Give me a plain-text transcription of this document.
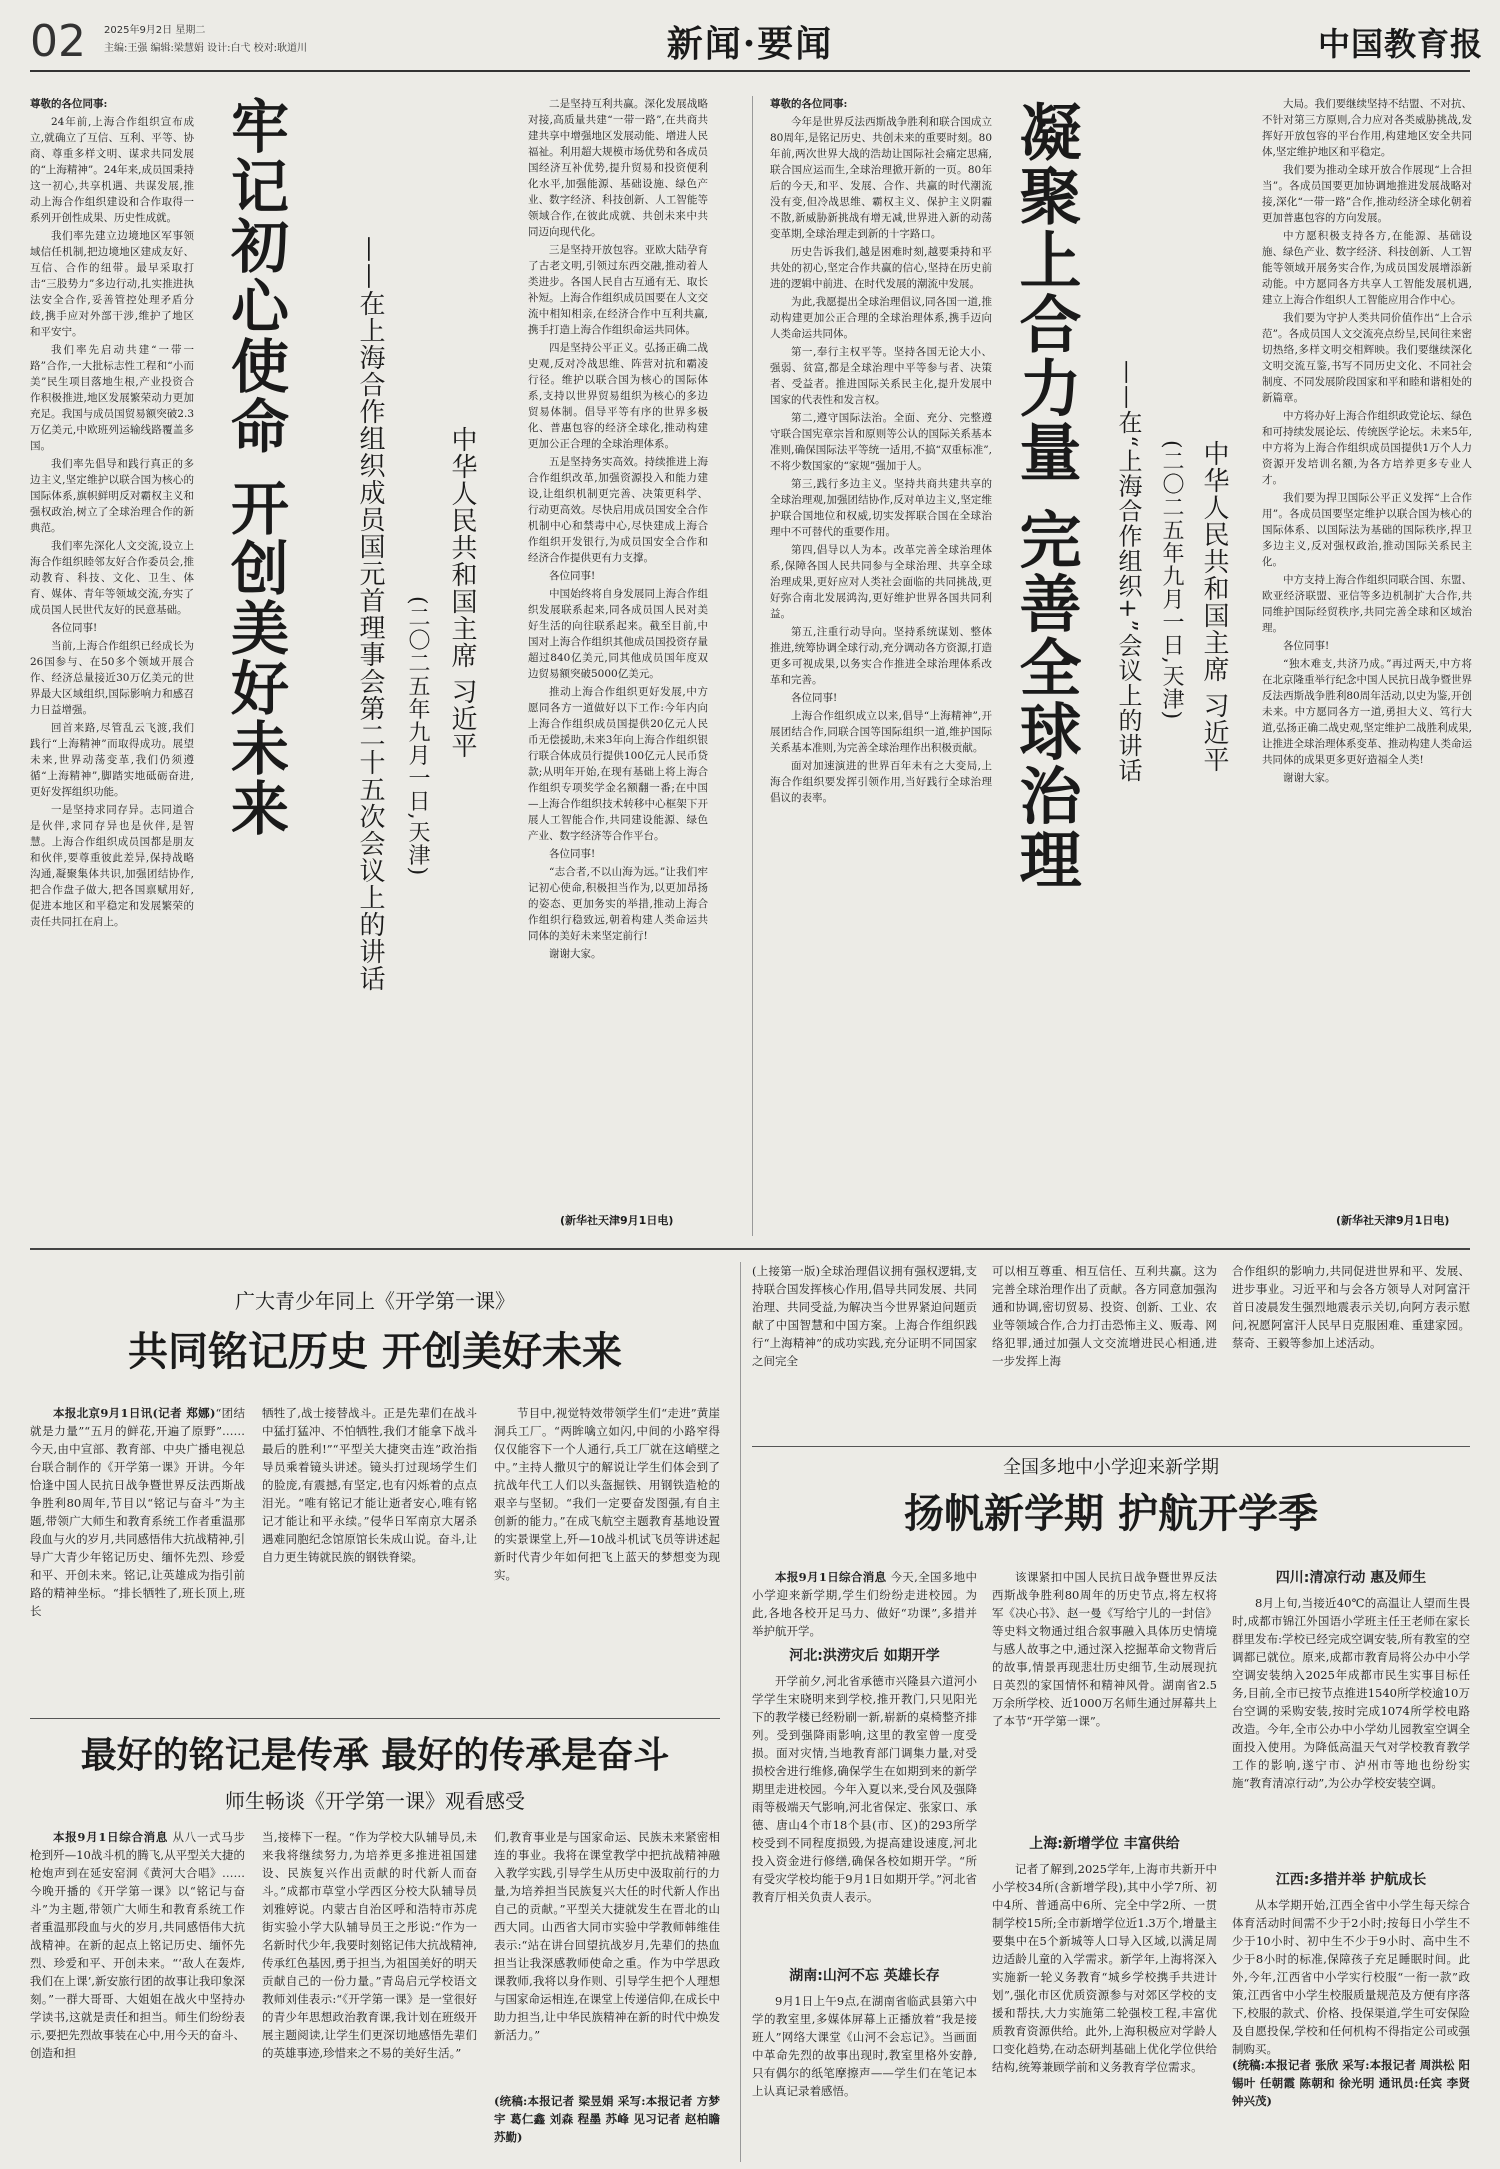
02 2025年9月2日 星期二
主编:王强 编辑:梁慧娟 设计:白弋 校对:耿道川	新闻·要闻	中国教育报

尊敬的各位同事:

24年前,上海合作组织宣布成立,就确立了互信、互利、平等、协商、尊重多样文明、谋求共同发展的“上海精神”。24年来,成员国秉持这一初心,共享机遇、共谋发展,推动上海合作组织建设和合作取得一系列开创性成果、历史性成就。

我们率先建立边境地区军事领域信任机制,把边境地区建成友好、互信、合作的纽带。最早采取打击“三股势力”多边行动,扎实推进执法安全合作,妥善管控处理矛盾分歧,携手应对外部干涉,维护了地区和平安宁。

我们率先启动共建“一带一路”合作,一大批标志性工程和“小而美”民生项目落地生根,产业投资合作积极推进,地区发展繁荣动力更加充足。我国与成员国贸易额突破2.3万亿美元,中欧班列运输线路覆盖多国。

我们率先倡导和践行真正的多边主义,坚定维护以联合国为核心的国际体系,旗帜鲜明反对霸权主义和强权政治,树立了全球治理合作的新典范。

我们率先深化人文交流,设立上海合作组织睦邻友好合作委员会,推动教育、科技、文化、卫生、体育、媒体、青年等领域交流,夯实了成员国人民世代友好的民意基础。

各位同事!

当前,上海合作组织已经成长为26国参与、在50多个领域开展合作、经济总量接近30万亿美元的世界最大区域组织,国际影响力和感召力日益增强。

回首来路,尽管乱云飞渡,我们践行“上海精神”而取得成功。展望未来,世界动荡变革,我们仍须遵循“上海精神”,脚踏实地砥砺奋进,更好发挥组织功能。

一是坚持求同存异。志同道合是伙伴,求同存异也是伙伴,是智慧。上海合作组织成员国都是朋友和伙伴,要尊重彼此差异,保持战略沟通,凝聚集体共识,加强团结协作,把合作盘子做大,把各国禀赋用好,促进本地区和平稳定和发展繁荣的责任共同扛在肩上。

牢记初心使命 开创美好未来	——在上海合作组织成员国元首理事会第二十五次会议上的讲话 中华人民共和国主席 习近平
(二〇二五年九月一日,天津)

二是坚持互利共赢。深化发展战略对接,高质量共建“一带一路”,在共商共建共享中增强地区发展动能、增进人民福祉。利用超大规模市场优势和各成员国经济互补优势,提升贸易和投资便利化水平,加强能源、基础设施、绿色产业、数字经济、科技创新、人工智能等领域合作,在彼此成就、共创未来中共同迈向现代化。

三是坚持开放包容。亚欧大陆孕育了古老文明,引领过东西交融,推动着人类进步。各国人民自古互通有无、取长补短。上海合作组织成员国要在人文交流中相知相亲,在经济合作中互利共赢,携手打造上海合作组织命运共同体。

四是坚持公平正义。弘扬正确二战史观,反对冷战思维、阵营对抗和霸凌行径。维护以联合国为核心的国际体系,支持以世界贸易组织为核心的多边贸易体制。倡导平等有序的世界多极化、普惠包容的经济全球化,推动构建更加公正合理的全球治理体系。

五是坚持务实高效。持续推进上海合作组织改革,加强资源投入和能力建设,让组织机制更完善、决策更科学、行动更高效。尽快启用成员国安全合作机制中心和禁毒中心,尽快建成上海合作组织开发银行,为成员国安全合作和经济合作提供更有力支撑。

各位同事!

中国始终将自身发展同上海合作组织发展联系起来,同各成员国人民对美好生活的向往联系起来。截至目前,中国对上海合作组织其他成员国投资存量超过840亿美元,同其他成员国年度双边贸易额突破5000亿美元。

推动上海合作组织更好发展,中方愿同各方一道做好以下工作:今年内向上海合作组织成员国提供20亿元人民币无偿援助,未来3年向上海合作组织银行联合体成员行提供100亿元人民币贷款;从明年开始,在现有基础上将上海合作组织专项奖学金名额翻一番;在中国—上海合作组织技术转移中心框架下开展人工智能合作,共同建设能源、绿色产业、数字经济等合作平台。

各位同事!

“志合者,不以山海为远。”让我们牢记初心使命,积极担当作为,以更加昂扬的姿态、更加务实的举措,推动上海合作组织行稳致远,朝着构建人类命运共同体的美好未来坚定前行!

谢谢大家。

(新华社天津9月1日电)

尊敬的各位同事:

今年是世界反法西斯战争胜利和联合国成立80周年,是铭记历史、共创未来的重要时刻。80年前,两次世界大战的浩劫让国际社会痛定思痛,联合国应运而生,全球治理掀开新的一页。80年后的今天,和平、发展、合作、共赢的时代潮流没有变,但冷战思维、霸权主义、保护主义阴霾不散,新威胁新挑战有增无减,世界进入新的动荡变革期,全球治理走到新的十字路口。

历史告诉我们,越是困难时刻,越要秉持和平共处的初心,坚定合作共赢的信心,坚持在历史前进的逻辑中前进、在时代发展的潮流中发展。

为此,我愿提出全球治理倡议,同各国一道,推动构建更加公正合理的全球治理体系,携手迈向人类命运共同体。

第一,奉行主权平等。坚持各国无论大小、强弱、贫富,都是全球治理中平等参与者、决策者、受益者。推进国际关系民主化,提升发展中国家的代表性和发言权。

第二,遵守国际法治。全面、充分、完整遵守联合国宪章宗旨和原则等公认的国际关系基本准则,确保国际法平等统一适用,不搞“双重标准”,不将少数国家的“家规”强加于人。

第三,践行多边主义。坚持共商共建共享的全球治理观,加强团结协作,反对单边主义,坚定维护联合国地位和权威,切实发挥联合国在全球治理中不可替代的重要作用。

第四,倡导以人为本。改革完善全球治理体系,保障各国人民共同参与全球治理、共享全球治理成果,更好应对人类社会面临的共同挑战,更好弥合南北发展鸿沟,更好维护世界各国共同利益。

第五,注重行动导向。坚持系统谋划、整体推进,统筹协调全球行动,充分调动各方资源,打造更多可视成果,以务实合作推进全球治理体系改革和完善。

各位同事!

上海合作组织成立以来,倡导“上海精神”,开展团结合作,同联合国等国际组织一道,维护国际关系基本准则,为完善全球治理作出积极贡献。

面对加速演进的世界百年未有之大变局,上海合作组织要发挥引领作用,当好践行全球治理倡议的表率。	凝聚上合力量 完善全球治理 ——在“上海合作组织+”会议上的讲话 (二〇二五年九月一日,天津) 中华人民共和国主席 习近平

大局。我们要继续坚持不结盟、不对抗、不针对第三方原则,合力应对各类威胁挑战,发挥好开放包容的平台作用,构建地区安全共同体,坚定维护地区和平稳定。

我们要为推动全球开放合作展现“上合担当”。各成员国要更加协调地推进发展战略对接,深化“一带一路”合作,推动经济全球化朝着更加普惠包容的方向发展。

中方愿积极支持各方,在能源、基础设施、绿色产业、数字经济、科技创新、人工智能等领域开展务实合作,为成员国发展增添新动能。中方愿同各方共享人工智能发展机遇,建立上海合作组织人工智能应用合作中心。

我们要为守护人类共同价值作出“上合示范”。各成员国人文交流亮点纷呈,民间往来密切热络,多样文明交相辉映。我们要继续深化文明交流互鉴,书写不同历史文化、不同社会制度、不同发展阶段国家和平和睦和谐相处的新篇章。

中方将办好上海合作组织政党论坛、绿色和可持续发展论坛、传统医学论坛。未来5年,中方将为上海合作组织成员国提供1万个人力资源开发培训名额,为各方培养更多专业人才。

我们要为捍卫国际公平正义发挥“上合作用”。各成员国要坚定维护以联合国为核心的国际体系、以国际法为基础的国际秩序,捍卫多边主义,反对强权政治,推动国际关系民主化。

中方支持上海合作组织同联合国、东盟、欧亚经济联盟、亚信等多边机制扩大合作,共同维护国际经贸秩序,共同完善全球和区域治理。

各位同事!

“独木难支,共济乃成。”再过两天,中方将在北京隆重举行纪念中国人民抗日战争暨世界反法西斯战争胜利80周年活动,以史为鉴,开创未来。中方愿同各方一道,勇担大义、笃行大道,弘扬正确二战史观,坚定维护二战胜利成果,让推进全球治理体系变革、推动构建人类命运共同体的成果更多更好造福全人类!

谢谢大家。

(新华社天津9月1日电)
广大青少年同上《开学第一课》
共同铭记历史 开创美好未来

本报北京9月1日讯(记者 郑娜)“团结就是力量”“五月的鲜花,开遍了原野”……今天,由中宣部、教育部、中央广播电视总台联合制作的《开学第一课》开讲。今年恰逢中国人民抗日战争暨世界反法西斯战争胜利80周年,节目以“铭记与奋斗”为主题,带领广大师生和教育系统工作者重温那段血与火的岁月,共同感悟伟大抗战精神,引导广大青少年铭记历史、缅怀先烈、珍爱和平、开创未来。铭记,让英雄成为指引前路的精神坐标。“排长牺牲了,班长顶上,班长

牺牲了,战士接替战斗。正是先辈们在战斗中猛打猛冲、不怕牺牲,我们才能拿下战斗最后的胜利!”“平型关大捷突击连”政治指导员乘着镜头讲述。镜头打过现场学生们的脸庞,有震撼,有坚定,也有闪烁着的点点泪光。“唯有铭记才能让逝者安心,唯有铭记才能让和平永续。”侵华日军南京大屠杀遇难同胞纪念馆原馆长朱成山说。奋斗,让自力更生铸就民族的钢铁脊梁。

节目中,视觉特效带领学生们“走进”黄崖洞兵工厂。“两眸噙立如闪,中间的小路窄得仅仅能容下一个人通行,兵工厂就在这峭壁之中。”主持人撒贝宁的解说让学生们体会到了抗战年代工人们以头盔掘铁、用钢铁造枪的艰辛与坚韧。“我们一定要奋发图强,有自主创新的能力。”在成飞航空主题教育基地设置的实景课堂上,歼—10战斗机试飞员等讲述起新时代青少年如何把飞上蓝天的梦想变为现实。

最好的铭记是传承 最好的传承是奋斗
师生畅谈《开学第一课》观看感受

本报9月1日综合消息 从八一式马步枪到歼—10战斗机的腾飞,从平型关大捷的枪炮声到在延安窑洞《黄河大合唱》……今晚开播的《开学第一课》以“铭记与奋斗”为主题,带领广大师生和教育系统工作者重温那段血与火的岁月,共同感悟伟大抗战精神。在新的起点上铭记历史、缅怀先烈、珍爱和平、开创未来。“‘敌人在轰炸,我们在上课’,新安旅行团的故事让我印象深刻。”一群大哥哥、大姐姐在战火中坚持办学读书,这就是责任和担当。师生们纷纷表示,要把先烈故事装在心中,用今天的奋斗、创造和担

当,接棒下一程。“作为学校大队辅导员,未来我将继续努力,为培养更多推进祖国建设、民族复兴作出贡献的时代新人而奋斗。”成都市草堂小学西区分校大队辅导员刘雅婷说。内蒙古自治区呼和浩特市苏虎街实验小学大队辅导员王之彤说:“作为一名新时代少年,我要时刻铭记伟大抗战精神,传承红色基因,勇于担当,为祖国美好的明天贡献自己的一份力量。”青岛启元学校语文教师刘佳表示:“《开学第一课》是一堂很好的青少年思想政治教育课,我计划在班级开展主题阅读,让学生们更深切地感悟先辈们的英雄事迹,珍惜来之不易的美好生活。”

们,教育事业是与国家命运、民族未来紧密相连的事业。我将在课堂教学中把抗战精神融入教学实践,引导学生从历史中汲取前行的力量,为培养担当民族复兴大任的时代新人作出自己的贡献。”平型关大捷就发生在晋北的山西大同。山西省大同市实验中学教师韩维佳表示:“站在讲台回望抗战岁月,先辈们的热血担当让我深感教师使命之重。作为中学思政课教师,我将以身作则、引导学生把个人理想与国家命运相连,在课堂上传递信仰,在成长中助力担当,让中华民族精神在新的时代中焕发新活力。”

(统稿:本报记者 梁昱娟 采写:本报记者 方梦宇 葛仁鑫 刘森 程墨 苏峰 见习记者 赵柏瞻 苏勤)

(上接第一版)全球治理倡议拥有强权逻辑,支持联合国发挥核心作用,倡导共同发展、共同治理、共同受益,为解决当今世界紧迫问题贡献了中国智慧和中国方案。上海合作组织践行“上海精神”的成功实践,充分证明不同国家之间完全

可以相互尊重、相互信任、互利共赢。这为完善全球治理作出了贡献。各方同意加强沟通和协调,密切贸易、投资、创新、工业、农业等领域合作,合力打击恐怖主义、贩毒、网络犯罪,通过加强人文交流增进民心相通,进一步发挥上海

合作组织的影响力,共同促进世界和平、发展、进步事业。习近平和与会各方领导人对阿富汗首日凌晨发生强烈地震表示关切,向阿方表示慰问,祝愿阿富汗人民早日克服困难、重建家园。蔡奇、王毅等参加上述活动。

全国多地中小学迎来新学期
扬帆新学期 护航开学季

本报9月1日综合消息 今天,全国多地中小学迎来新学期,学生们纷纷走进校园。为此,各地各校开足马力、做好“功课”,多措并举护航开学。

河北:洪涝灾后 如期开学

开学前夕,河北省承德市兴隆县六道河小学学生宋晓明来到学校,推开教门,只见阳光下的教学楼已经粉刷一新,崭新的桌椅整齐排列。受到强降雨影响,这里的教室曾一度受损。面对灾情,当地教育部门调集力量,对受损校舍进行维修,确保学生在如期到来的新学期里走进校园。今年入夏以来,受台风及强降雨等极端天气影响,河北省保定、张家口、承德、唐山4个市18个县(市、区)的293所学校受到不同程度损毁,为提高建设速度,河北投入资金进行修缮,确保各校如期开学。“所有受灾学校均能于9月1日如期开学。”河北省教育厅相关负责人表示。

湖南:山河不忘 英雄长存

9月1日上午9点,在湖南省临武县第六中学的教室里,多媒体屏幕上正播放着“我是接班人”网络大课堂《山河不会忘记》。当画面中革命先烈的故事出现时,教室里格外安静,只有偶尔的纸笔摩擦声——学生们在笔记本上认真记录着感悟。

该课紧扣中国人民抗日战争暨世界反法西斯战争胜利80周年的历史节点,将左权将军《决心书》、赵一曼《写给宁儿的一封信》等史料文物通过组合叙事融入具体历史情境与感人故事之中,通过深入挖掘革命文物背后的故事,情景再现悲壮历史细节,生动展现抗日英烈的家国情怀和精神风骨。湖南省2.5万余所学校、近1000万名师生通过屏幕共上了本节“开学第一课”。

上海:新增学位 丰富供给

记者了解到,2025学年,上海市共新开中小学校34所(含新增学段),其中小学7所、初中4所、普通高中6所、完全中学2所、一贯制学校15所;全市新增学位近1.3万个,增量主要集中在5个新城等人口导入区域,以满足周边适龄儿童的入学需求。新学年,上海将深入实施新一轮义务教育“城乡学校携手共进计划”,强化市区优质资源参与对郊区学校的支援和帮扶,大力实施第二轮强校工程,丰富优质教育资源供给。此外,上海积极应对学龄人口变化趋势,在动态研判基础上优化学位供给结构,统筹兼顾学前和义务教育学位需求。

四川:清凉行动 惠及师生

8月上旬,当接近40℃的高温让人望而生畏时,成都市锦江外国语小学班主任王老师在家长群里发布:学校已经完成空调安装,所有教室的空调都已就位。原来,成都市教育局将公办中小学空调安装纳入2025年成都市民生实事目标任务,目前,全市已按节点推进1540所学校逾10万台空调的采购安装,按时完成1074所学校电路改造。今年,全市公办中小学幼儿园教室空调全面投入使用。为降低高温天气对学校教育教学工作的影响,遂宁市、泸州市等地也纷纷实施“教育清凉行动”,为公办学校安装空调。

江西:多措并举 护航成长

从本学期开始,江西全省中小学生每天综合体育活动时间需不少于2小时;按每日小学生不少于10小时、初中生不少于9小时、高中生不少于8小时的标准,保障孩子充足睡眠时间。此外,今年,江西省中小学实行校服“一衔一款”政策,江西省中小学生校服质量规范及方便有序落下,校服的款式、价格、投保渠道,学生可安保险及自愿投保,学校和任何机构不得指定公司或强制购买。

(统稿:本报记者 张欣 采写:本报记者 周洪松 阳锡叶 任朝霞 陈朝和 徐光明 通讯员:任宾 李贤 钟兴茂)
